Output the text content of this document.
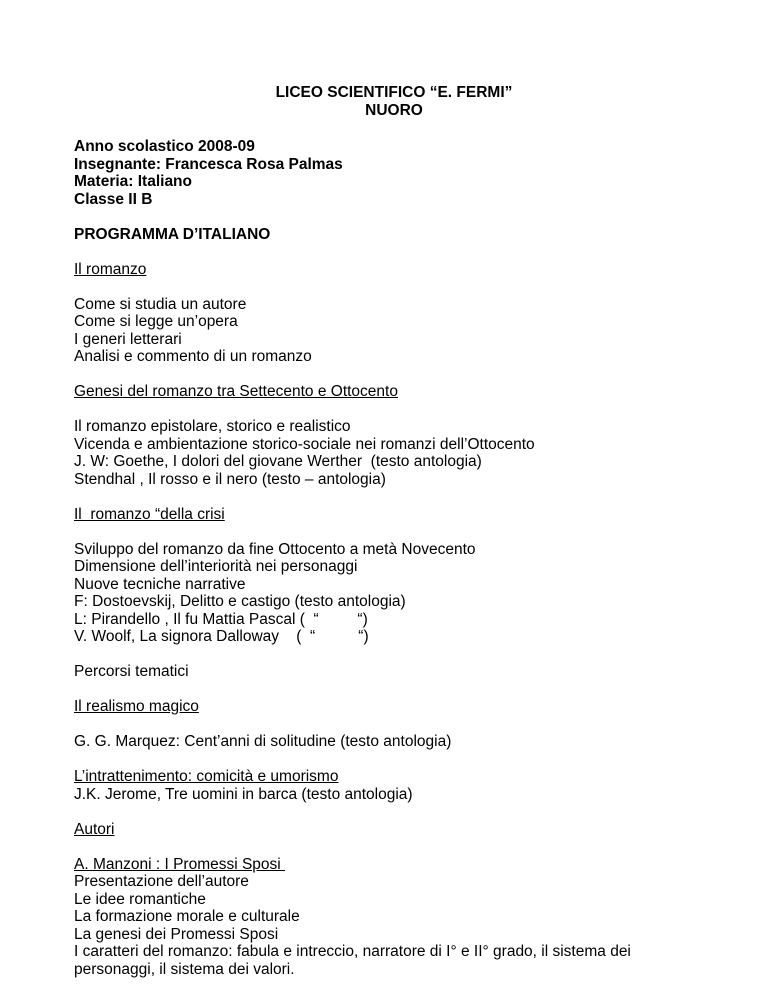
LICEO SCIENTIFICO “E. FERMI”
NUORO

Anno scolastico 2008-09

Insegnante: Francesca Rosa Palmas

Materia: Italiano

Classe II B

PROGRAMMA D’ITALIANO

Il romanzo

Come si studia un autore

Come si legge un’opera

I generi letterari

Analisi e commento di un romanzo

Genesi del romanzo tra Settecento e Ottocento

Il romanzo epistolare, storico e realistico

Vicenda e ambientazione storico-sociale nei romanzi dell’Ottocento

J. W: Goethe, I dolori del giovane Werther  (testo antologia)

Stendhal , Il rosso e il nero (testo – antologia)

Il  romanzo “della crisi

Sviluppo del romanzo da fine Ottocento a metà Novecento

Dimensione dell’interiorità nei personaggi

Nuove tecniche narrative

F: Dostoevskij, Delitto e castigo (testo antologia)

L: Pirandello , Il fu Mattia Pascal (  “         “)

V. Woolf, La signora Dalloway    (  “          “)

Percorsi tematici

Il realismo magico

G. G. Marquez: Cent’anni di solitudine (testo antologia)

L’intrattenimento: comicità e umorismo

J.K. Jerome, Tre uomini in barca (testo antologia)

Autori

A. Manzoni : I Promessi Sposi

Presentazione dell’autore

Le idee romantiche

La formazione morale e culturale

La genesi dei Promessi Sposi

I caratteri del romanzo: fabula e intreccio, narratore di I° e II° grado, il sistema dei

personaggi, il sistema dei valori.
